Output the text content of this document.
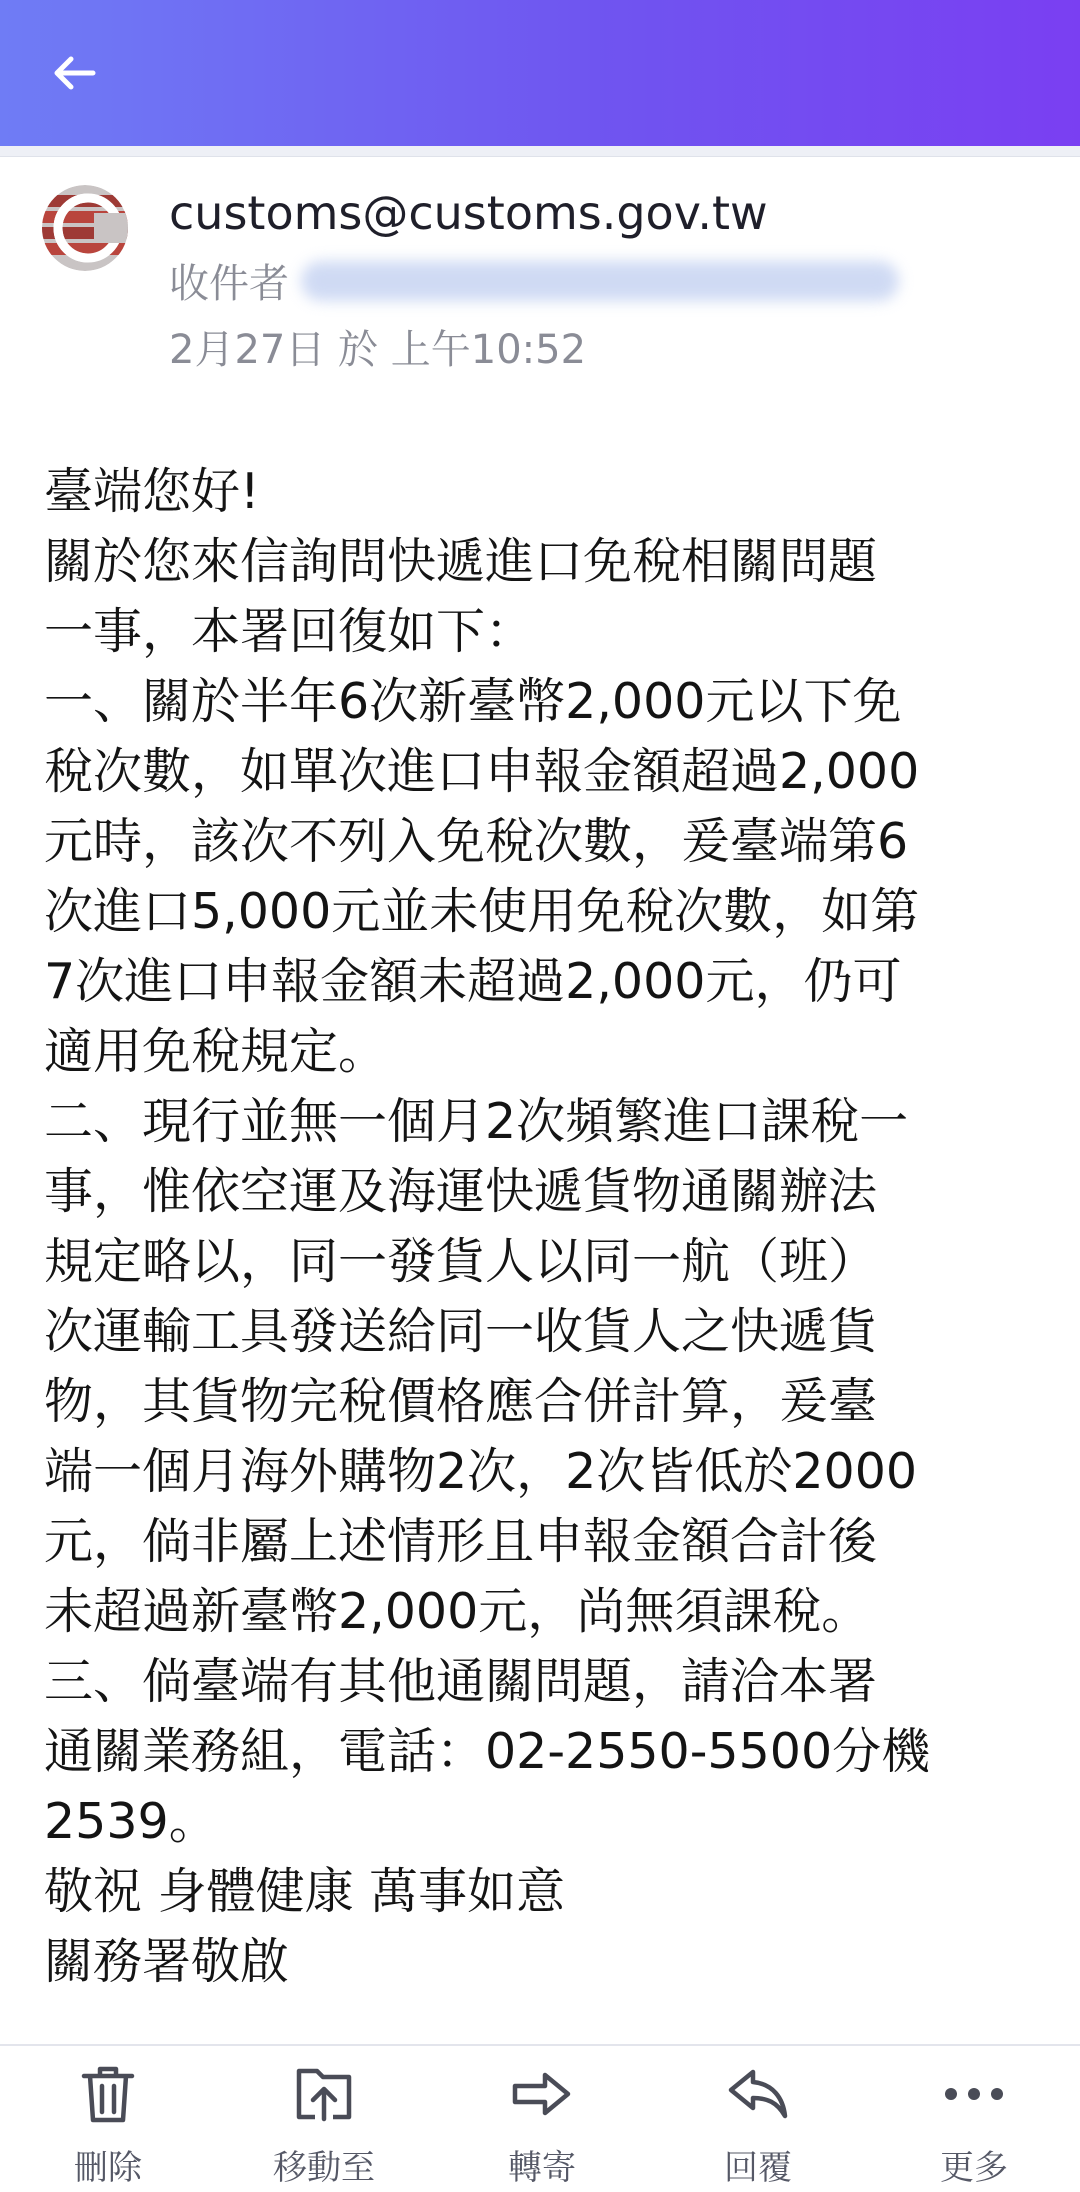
customs@customs.gov.tw
收件者
2月27日 於 上午10:52

臺端您好!

關於您來信詢問快遞進口免稅相關問題

一事，本署回復如下：

一、關於半年6次新臺幣2,000元以下免

稅次數，如單次進口申報金額超過2,000

元時，該次不列入免稅次數，爰臺端第6

次進口5,000元並未使用免稅次數，如第

7次進口申報金額未超過2,000元，仍可

適用免稅規定。

二、現行並無一個月2次頻繁進口課稅一

事，惟依空運及海運快遞貨物通關辦法

規定略以，同一發貨人以同一航（班）

次運輸工具發送給同一收貨人之快遞貨

物，其貨物完稅價格應合併計算，爰臺

端一個月海外購物2次，2次皆低於2000

元，倘非屬上述情形且申報金額合計後

未超過新臺幣2,000元，尚無須課稅。

三、倘臺端有其他通關問題，請洽本署

通關業務組，電話：02-2550-5500分機

2539。

敬祝 身體健康 萬事如意

關務署敬啟

刪除	移動至	轉寄	回覆	更多
